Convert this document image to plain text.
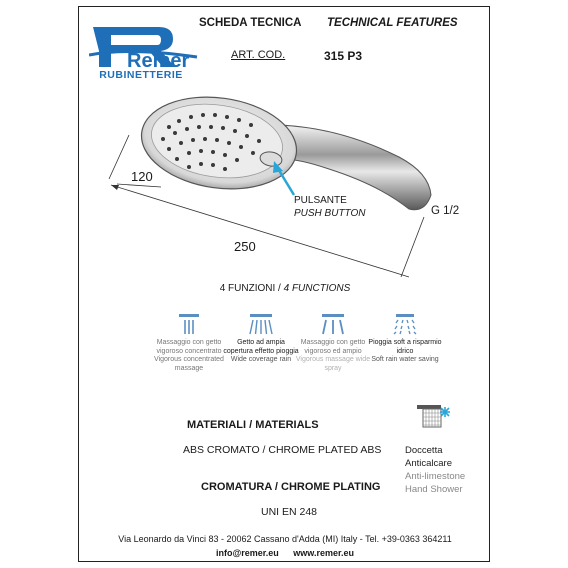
Remer
RUBINETTERIE
SCHEDA TECNICA TECHNICAL FEATURES
ART. COD.	315 P3
120
250
G 1/2
PULSANTE
PUSH BUTTON
4 FUNZIONI / 4 FUNCTIONS
Massaggio con getto vigoroso concentrato
Vigorous concentrated massage
Getto ad ampia copertura effetto pioggia
Wide coverage rain
Massaggio con getto vigoroso ed ampio
Vigorous massage wide spray
Pioggia soft a risparmio idrico
Soft rain water saving
MATERIALI / MATERIALS
ABS CROMATO / CHROME PLATED ABS
CROMATURA / CHROME PLATING
UNI EN 248
Doccetta
Anticalcare
Anti-limestone
Hand Shower
Via Leonardo da Vinci 83 - 20062 Cassano d'Adda (MI) Italy - Tel. +39-0363 364211
info@remer.eu www.remer.eu
